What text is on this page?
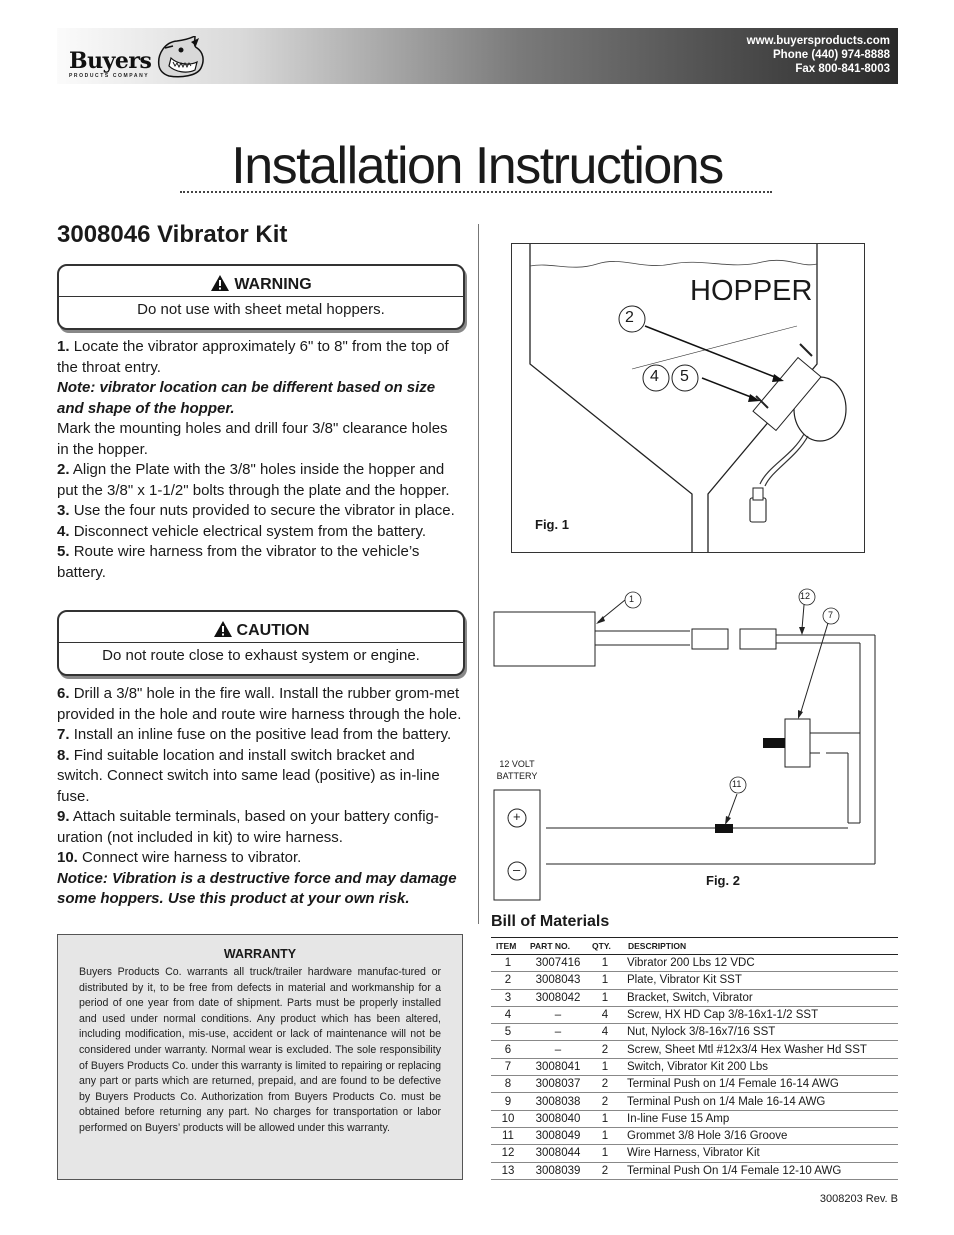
Buyers
PRODUCTS COMPANY
www.buyersproducts.com
Phone (440) 974-8888
Fax 800-841-8003
Installation Instructions
3008046 Vibrator Kit
WARNING
Do not use with sheet metal hoppers.

1. Locate the vibrator approximately 6" to 8" from the top of the throat entry.

Note: vibrator location can be different based on size and shape of the hopper.

Mark the mounting holes and drill four 3/8" clearance holes in the hopper.

2. Align the Plate with the 3/8" holes inside the hopper and put the 3/8" x 1-1/2" bolts through the plate and the hopper.

3. Use the four nuts provided to secure the vibrator in place.

4. Disconnect vehicle electrical system from the battery.

5. Route wire harness from the vibrator to the vehicle’s battery.

CAUTION
Do not route close to exhaust system or engine.

6. Drill a 3/8" hole in the fire wall. Install the rubber grom-met provided in the hole and route wire harness through the hole.

7. Install an inline fuse on the positive lead from the battery.

8. Find suitable location and install switch bracket and switch. Connect switch into same lead (positive) as in-line fuse.

9. Attach suitable terminals, based on your battery config-uration (not included in kit) to wire harness.

10. Connect wire harness to vibrator.

Notice: Vibration is a destructive force and may damage some hoppers. Use this product at your own risk.

WARRANTY
Buyers Products Co. warrants all truck/trailer hardware manufac-tured or distributed by it, to be free from defects in material and workmanship for a period of one year from date of shipment. Parts must be properly installed and used under normal conditions. Any product which has been altered, including modification, mis-use, accident or lack of maintenance will not be considered under warranty. Normal wear is excluded. The sole responsibility of Buyers Products Co. under this warranty is limited to repairing or replacing any part or parts which are returned, prepaid, and are found to be defective by Buyers Products Co. Authorization from Buyers Products Co. must be obtained before returning any part. No charges for transportation or labor performed on Buyers’ products will be allowed under this warranty.
HOPPER
2
4 5
Fig. 1
1	12
7
11
12 VOLT
BATTERY
+
–
Fig. 2
Bill of Materials
ITEM	PART NO.	QTY.	DESCRIPTION
1	3007416	1	Vibrator 200 Lbs 12 VDC
2	3008043	1	Plate, Vibrator Kit SST
3	3008042	1	Bracket, Switch, Vibrator
4	–	4	Screw, HX HD Cap 3/8-16x1-1/2 SST
5	–	4	Nut, Nylock 3/8-16x7/16 SST
6	–	2	Screw, Sheet Mtl #12x3/4 Hex Washer Hd SST
7	3008041	1	Switch, Vibrator Kit 200 Lbs
8	3008037	2	Terminal Push on 1/4 Female 16-14 AWG
9	3008038	2	Terminal Push on 1/4 Male 16-14 AWG
10	3008040	1	In-line Fuse 15 Amp
11	3008049	1	Grommet 3/8 Hole 3/16 Groove
12	3008044	1	Wire Harness, Vibrator Kit
13	3008039	2	Terminal Push On 1/4 Female 12-10 AWG
3008203 Rev. B
